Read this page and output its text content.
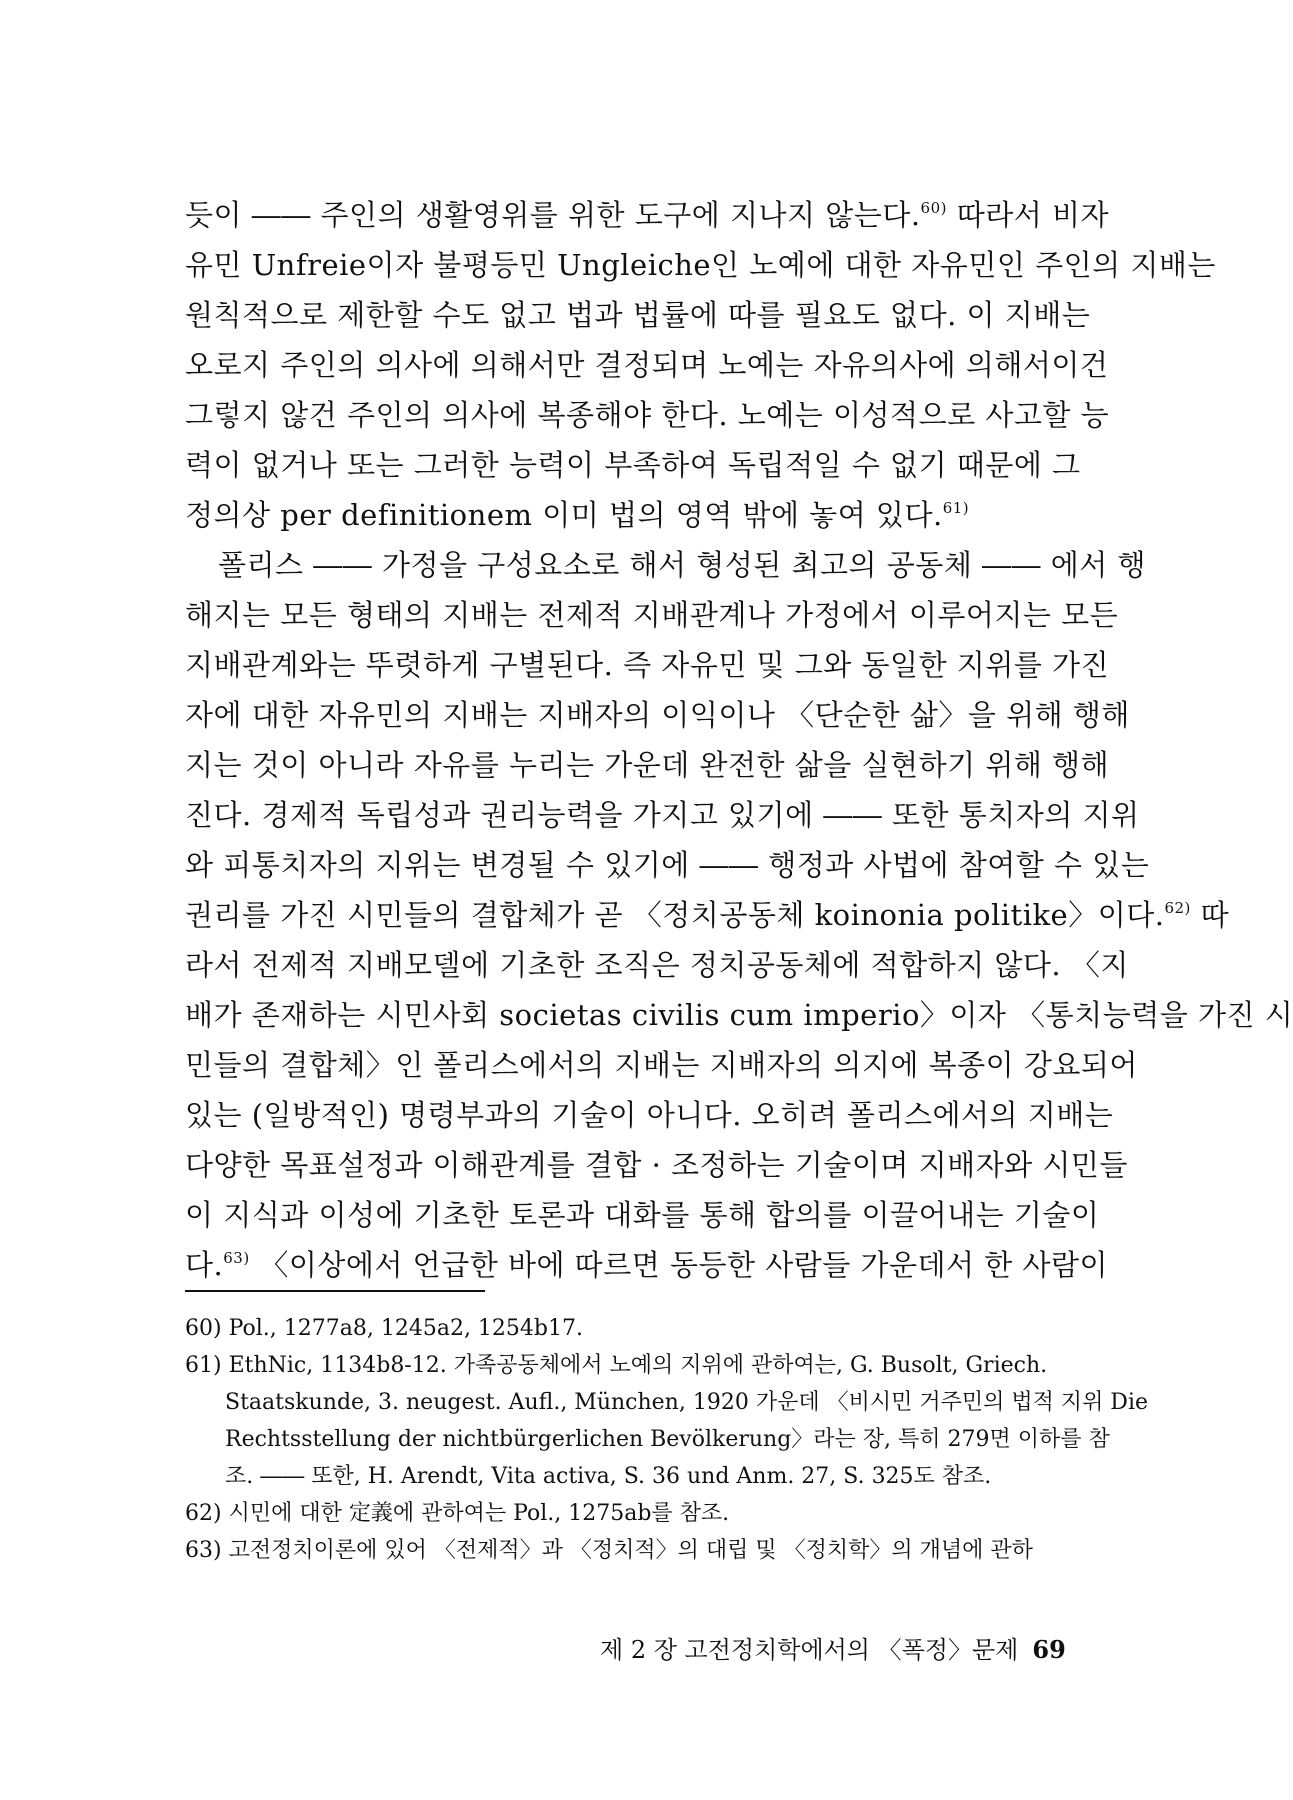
듯이 ―― 주인의 생활영위를 위한 도구에 지나지 않는다.$^{60)}$ 따라서 비자
유민 Unfreie이자 불평등민 Ungleiche인 노예에 대한 자유민인 주인의 지배는
원칙적으로 제한할 수도 없고 법과 법률에 따를 필요도 없다. 이 지배는
오로지 주인의 의사에 의해서만 결정되며 노예는 자유의사에 의해서이건
그렇지 않건 주인의 의사에 복종해야 한다. 노예는 이성적으로 사고할 능
력이 없거나 또는 그러한 능력이 부족하여 독립적일 수 없기 때문에 그
정의상 per definitionem 이미 법의 영역 밖에 놓여 있다.$^{61)}$
폴리스 ―― 가정을 구성요소로 해서 형성된 최고의 공동체 ―― 에서 행
해지는 모든 형태의 지배는 전제적 지배관계나 가정에서 이루어지는 모든
지배관계와는 뚜렷하게 구별된다. 즉 자유민 및 그와 동일한 지위를 가진
자에 대한 자유민의 지배는 지배자의 이익이나 〈단순한 삶〉을 위해 행해
지는 것이 아니라 자유를 누리는 가운데 완전한 삶을 실현하기 위해 행해
진다. 경제적 독립성과 권리능력을 가지고 있기에 ―― 또한 통치자의 지위
와 피통치자의 지위는 변경될 수 있기에 ―― 행정과 사법에 참여할 수 있는
권리를 가진 시민들의 결합체가 곧 〈정치공동체 koinonia politike〉이다.$^{62)}$ 따
라서 전제적 지배모델에 기초한 조직은 정치공동체에 적합하지 않다. 〈지
배가 존재하는 시민사회 societas civilis cum imperio〉이자 〈통치능력을 가진 시
민들의 결합체〉인 폴리스에서의 지배는 지배자의 의지에 복종이 강요되어
있는 (일방적인) 명령부과의 기술이 아니다. 오히려 폴리스에서의 지배는
다양한 목표설정과 이해관계를 결합 · 조정하는 기술이며 지배자와 시민들
이 지식과 이성에 기초한 토론과 대화를 통해 합의를 이끌어내는 기술이
다.$^{63)}$ 〈이상에서 언급한 바에 따르면 동등한 사람들 가운데서 한 사람이
60) Pol., 1277a8, 1245a2, 1254b17.
61) EthNic, 1134b8-12. 가족공동체에서 노예의 지위에 관하여는, G. Busolt, Griech.
Staatskunde, 3. neugest. Aufl., München, 1920 가운데 〈비시민 거주민의 법적 지위 Die
Rechtsstellung der nichtbürgerlichen Bevölkerung〉라는 장, 특히 279면 이하를 참
조. ―― 또한, H. Arendt, Vita activa, S. 36 und Anm. 27, S. 325도 참조.
62) 시민에 대한 定義에 관하여는 Pol., 1275ab를 참조.
63) 고전정치이론에 있어 〈전제적〉과 〈정치적〉의 대립 및 〈정치학〉의 개념에 관하
제 2 장 고전정치학에서의 〈폭정〉문제 69
